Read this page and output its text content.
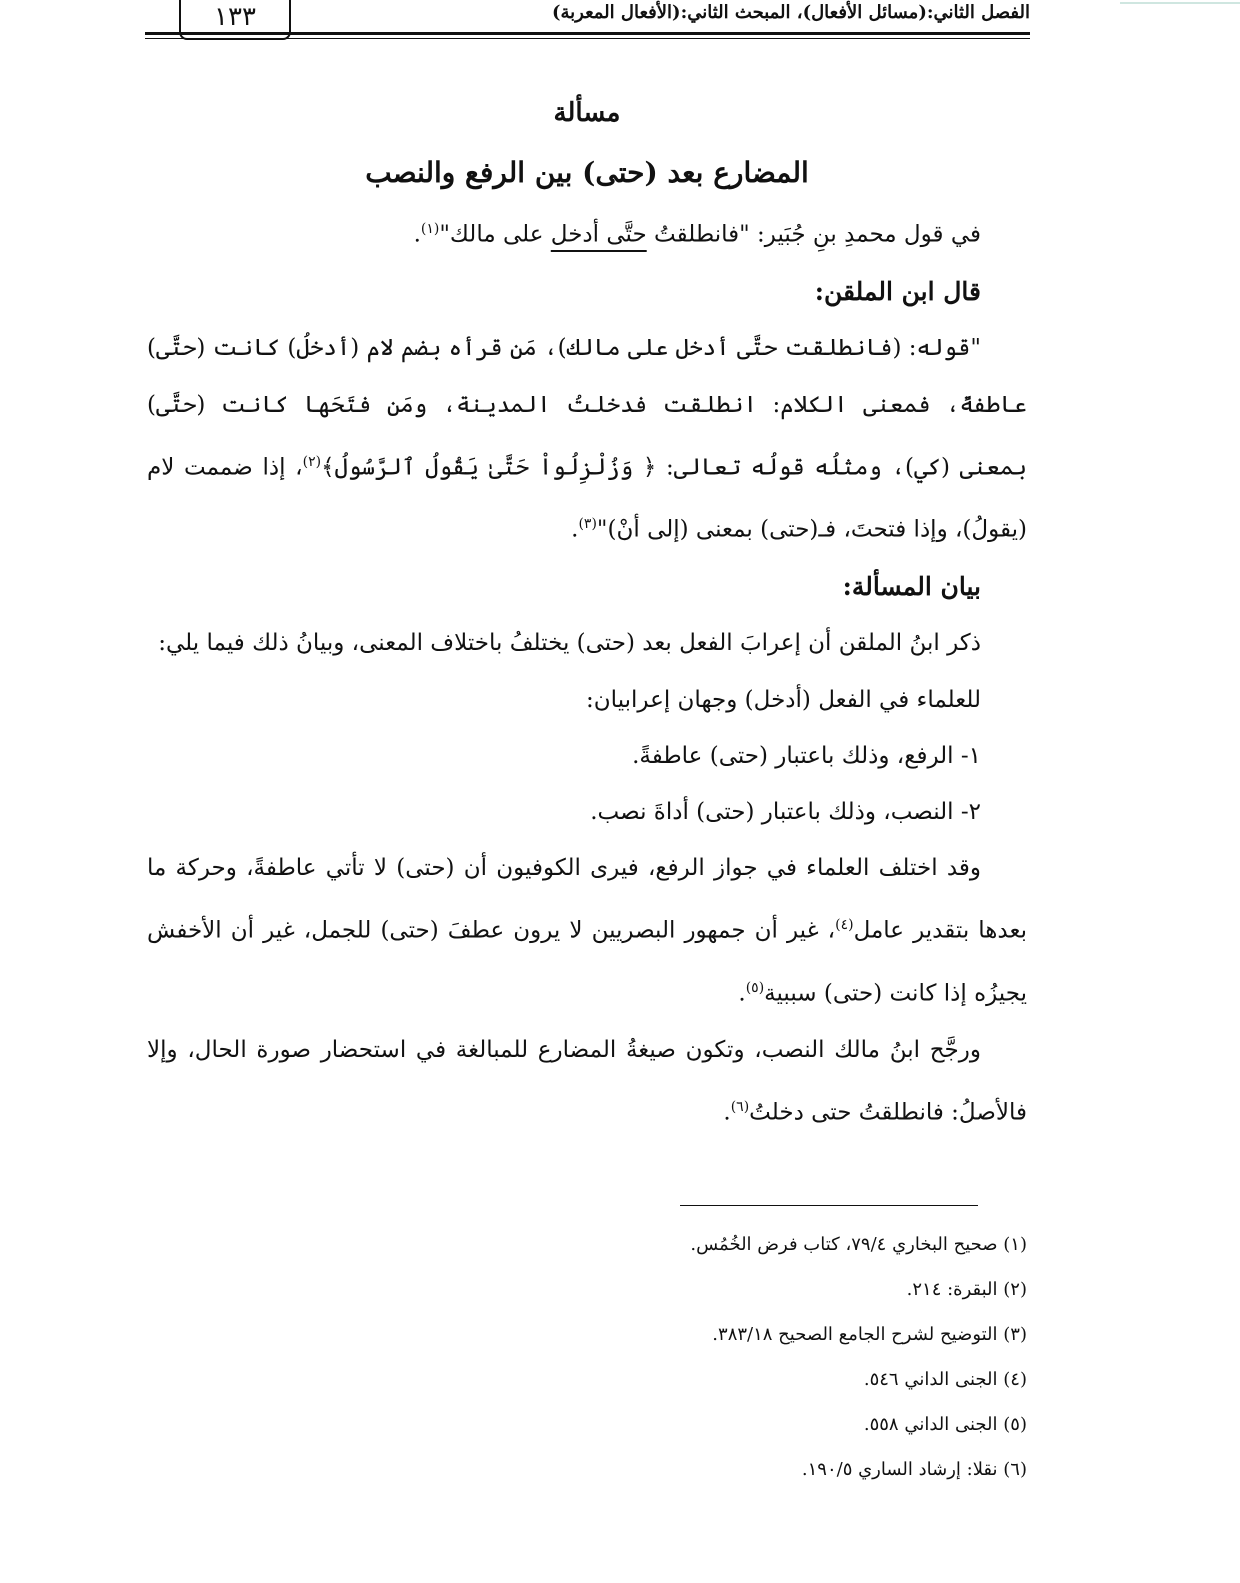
١٣٣	الفصل الثاني:(مسائل الأفعال)، المبحث الثاني:(الأفعال المعربة)
مسألة
المضارع بعد (حتى) بين الرفع والنصب

في قول محمدِ بنِ جُبَير: "فانطلقتُ حتَّى أدخل على مالك"$^{(١)}$.

قال ابن الملقن:

"قوله: (فانطلقت حتَّى أدخل على مالك)، مَن قرأه بضم لام (أدخلُ) كانت (حتَّى) عاطفةً، فمعنى الكلام: انطلقت فدخلتُ المدينة، ومَن فتَحَها كانت (حتَّى) بمعنى (كي)، ومثلُه قولُه تعالى: ﴿ وَزُلْزِلُواْ حَتَّىٰ يَقُولُ ٱلرَّسُولُ﴾$^{(٢)}$، إذا ضممت لام (يقولُ)، وإذا فتحتَ، فـ(حتى) بمعنى (إلى أنْ)"$^{(٣)}$.

بيان المسألة:

ذكر ابنُ الملقن أن إعرابَ الفعل بعد (حتى) يختلفُ باختلاف المعنى، وبيانُ ذلك فيما يلي:

للعلماء في الفعل (أدخل) وجهان إعرابيان:
١- الرفع، وذلك باعتبار (حتى) عاطفةً.
٢- النصب، وذلك باعتبار (حتى) أداةَ نصب.

وقد اختلف العلماء في جواز الرفع، فيرى الكوفيون أن (حتى) لا تأتي عاطفةً، وحركة ما بعدها بتقدير عامل$^{(٤)}$، غير أن جمهور البصريين لا يرون عطفَ (حتى) للجمل، غير أن الأخفش يجيزُه إذا كانت (حتى) سببية$^{(٥)}$.

ورجَّح ابنُ مالك النصب، وتكون صيغةُ المضارع للمبالغة في استحضار صورة الحال، وإلا فالأصلُ: فانطلقتُ حتى دخلتُ$^{(٦)}$.

(١) صحيح البخاري ٧٩/٤، كتاب فرض الخُمُس.
(٢) البقرة: ٢١٤.
(٣) التوضيح لشرح الجامع الصحيح ٣٨٣/١٨.
(٤) الجنى الداني ٥٤٦.
(٥) الجنى الداني ٥٥٨.
(٦) نقلا: إرشاد الساري ١٩٠/٥.
